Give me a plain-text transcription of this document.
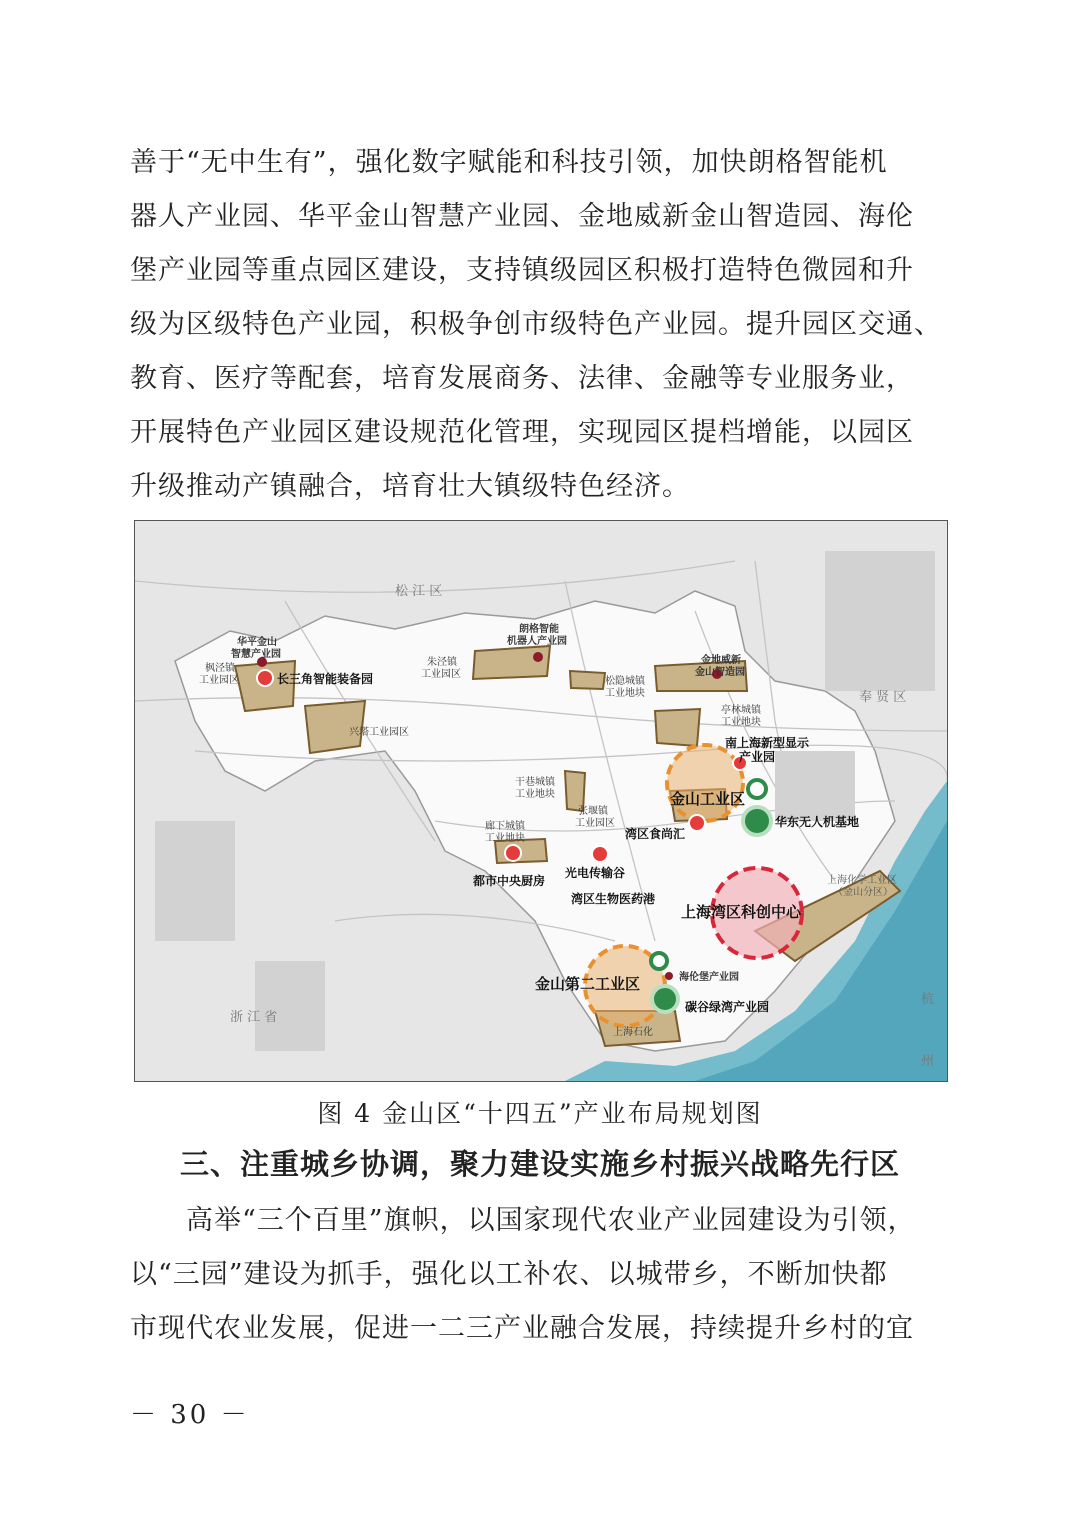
善于“无中生有”，强化数字赋能和科技引领，加快朗格智能机
器人产业园、华平金山智慧产业园、金地威新金山智造园、海伦
堡产业园等重点园区建设，支持镇级园区积极打造特色微园和升
级为区级特色产业园，积极争创市级特色产业园。提升园区交通、
教育、医疗等配套，培育发展商务、法律、金融等专业服务业，
开展特色产业园区建设规范化管理，实现园区提档增能，以园区
升级推动产镇融合，培育壮大镇级特色经济。

松 江 区
奉 贤 区
浙 江 省
杭
州
华平金山
智慧产业园
枫泾镇
工业园区
朱泾镇
工业园区
朗格智能
机器人产业园
松隐城镇
工业地块
金地威新
金山智造园
亭林城镇
工业地块
兴塔工业园区
干巷城镇
工业地块
张堰镇
工业园区
廊下城镇
工业地块
上海化学工业区
（金山分区）
海伦堡产业园
上海石化
长三角智能装备园
南上海新型显示
产业园
华东无人机基地
湾区食尚汇
光电传输谷
都市中央厨房
湾区生物医药港
碳谷绿湾产业园
金山工业区
金山第二工业区
上海湾区科创中心
图 4 金山区“十四五”产业布局规划图
三、注重城乡协调，聚力建设实施乡村振兴战略先行区

　　高举“三个百里”旗帜，以国家现代农业产业园建设为引领，
以“三园”建设为抓手，强化以工补农、以城带乡，不断加快都
市现代农业发展，促进一二三产业融合发展，持续提升乡村的宜

－ 30 －
